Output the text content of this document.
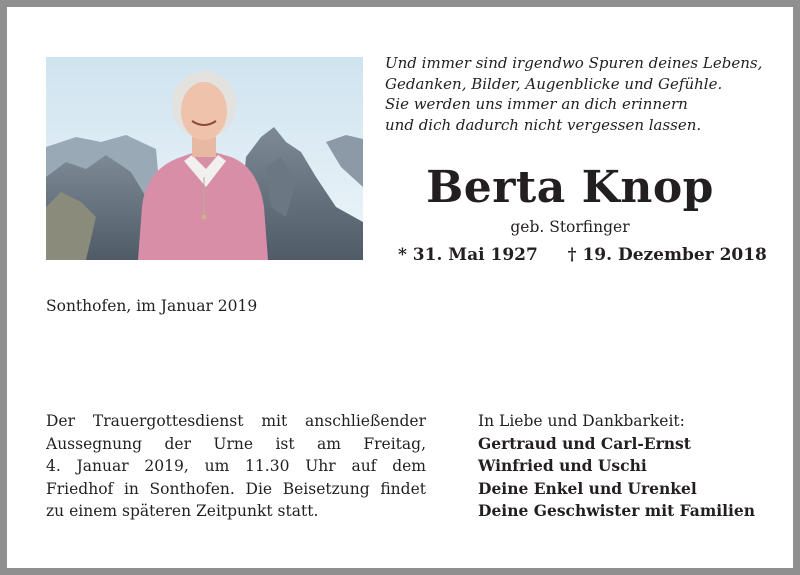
Und immer sind irgendwo Spuren deines Lebens,
Gedanken, Bilder, Augenblicke und Gefühle.
Sie werden uns immer an dich erinnern
und dich dadurch nicht vergessen lassen.
Berta Knop
geb. Storfinger
* 31. Mai 1927 † 19. Dezember 2018
Sonthofen, im Januar 2019
Der Trauergottesdienst mit anschließender
Aussegnung der Urne ist am Freitag,
4. Januar 2019, um 11.30 Uhr auf dem
Friedhof in Sonthofen. Die Beisetzung findet
zu einem späteren Zeitpunkt statt.
In Liebe und Dankbarkeit:
Gertraud und Carl-Ernst
Winfried und Uschi
Deine Enkel und Urenkel
Deine Geschwister mit Familien
